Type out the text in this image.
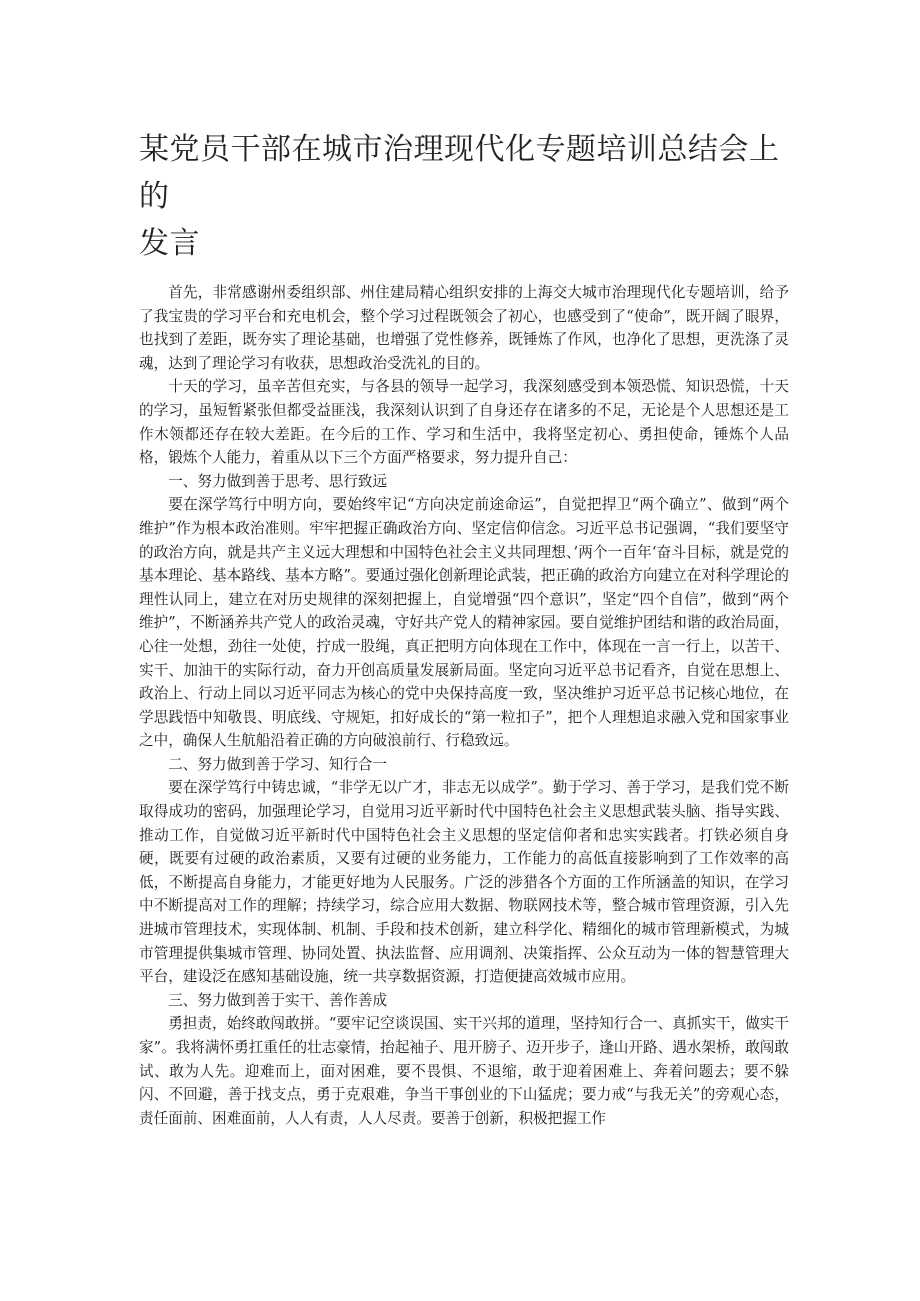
某党员干部在城市治理现代化专题培训总结会上的
发言

首先，非常感谢州委组织部、州住建局精心组织安排的上海交大城市治理现代化专题培训，给予了我宝贵的学习平台和充电机会，整个学习过程既领会了初心，也感受到了“使命”，既开阔了眼界，也找到了差距，既夯实了理论基础，也增强了党性修养，既锤炼了作风，也净化了思想，更洗涤了灵魂，达到了理论学习有收获，思想政治受洗礼的目的。

十天的学习，虽辛苦但充实，与各县的领导一起学习，我深刻感受到本领恐慌、知识恐慌，十天的学习，虽短暂紧张但都受益匪浅，我深刻认识到了自身还存在诸多的不足，无论是个人思想还是工作木领都还存在较大差距。在今后的工作、学习和生活中，我将坚定初心、勇担使命，锤炼个人品格，锻炼个人能力，着重从以下三个方面严格要求，努力提升自己：

一、努力做到善于思考、思行致远

要在深学笃行中明方向，要始终牢记“方向决定前途命运”，自觉把捍卫“两个确立”、做到“两个维护”作为根本政治准则。牢牢把握正确政治方向、坚定信仰信念。习近平总书记强调，“我们要坚守的政治方向，就是共产主义远大理想和中国特色社会主义共同理想、’两个一百年‘奋斗目标，就是党的基本理论、基本路线、基本方略”。要通过强化创新理论武装，把正确的政治方向建立在对科学理论的理性认同上，建立在对历史规律的深刻把握上，自觉增强“四个意识”，坚定“四个自信”，做到“两个维护”，不断涵养共产党人的政治灵魂，守好共产党人的精神家园。要自觉维护团结和谐的政治局面，心往一处想，劲往一处使，拧成一股绳，真正把明方向体现在工作中，体现在一言一行上，以苦干、实干、加油干的实际行动，奋力开创高质量发展新局面。坚定向习近平总书记看齐，自觉在思想上、政治上、行动上同以习近平同志为核心的党中央保持高度一致，坚决维护习近平总书记核心地位，在学思践悟中知敬畏、明底线、守规矩，扣好成长的“第一粒扣子”，把个人理想追求融入党和国家事业之中，确保人生航船沿着正确的方向破浪前行、行稳致远。

二、努力做到善于学习、知行合一

要在深学笃行中铸忠诚，“非学无以广才，非志无以成学”。勤于学习、善于学习，是我们党不断取得成功的密码，加强理论学习，自觉用习近平新时代中国特色社会主义思想武装头脑、指导实践、推动工作，自觉做习近平新时代中国特色社会主义思想的坚定信仰者和忠实实践者。打铁必须自身硬，既要有过硬的政治素质，又要有过硬的业务能力，工作能力的高低直接影响到了工作效率的高低，不断提高自身能力，才能更好地为人民服务。广泛的涉猎各个方面的工作所涵盖的知识，在学习中不断提高对工作的理解；持续学习，综合应用大数据、物联网技术等，整合城市管理资源，引入先进城市管理技术，实现体制、机制、手段和技术创新，建立科学化、精细化的城市管理新模式，为城市管理提供集城市管理、协同处置、执法监督、应用调剂、决策指挥、公众互动为一体的智慧管理大平台，建设泛在感知基础设施，统一共享数据资源，打造便捷高效城市应用。

三、努力做到善于实干、善作善成

勇担责，始终敢闯敢拼。“要牢记空谈误国、实干兴邦的道理，坚持知行合一、真抓实干，做实干家”。我将满怀勇扛重任的壮志豪情，抬起袖子、甩开膀子、迈开步子，逢山开路、遇水架桥，敢闯敢试、敢为人先。迎难而上，面对困难，要不畏惧、不退缩，敢于迎着困难上、奔着问题去；要不躲闪、不回避，善于找支点，勇于克艰难，争当干事创业的下山猛虎；要力戒“与我无关”的旁观心态，责任面前、困难面前，人人有责，人人尽责。要善于创新，积极把握工作
